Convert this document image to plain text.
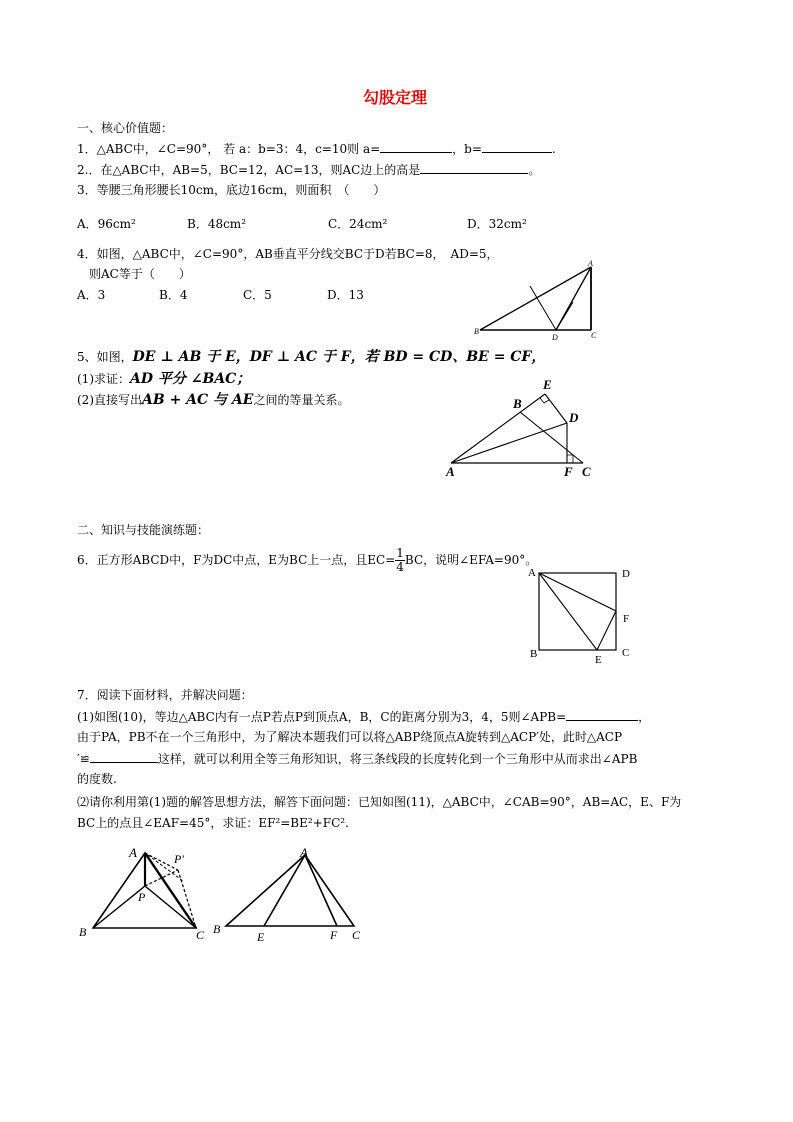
勾股定理
一、核心价值题：
1．△ABC中，∠C=90°， 若 a：b=3：4，c=10则 a=	，b=	.
2.．在△ABC中，AB=5，BC=12，AC=13，则AC边上的高是	。
3．等腰三角形腰长10cm，底边16cm，则面积　（　　）
A．96cm²	B．48cm²	C．24cm²	D．32cm²
4．如图，△ABC中，∠C=90°，AB垂直平分线交BC于D若BC=8，　AD=5，
则AC等于（　　）
A．3	B．4	C．5	D．13
A
B	C
D
5、如图，DE ⊥ AB 于 E，DF ⊥ AC 于 F，若 BD = CD、BE = CF，
(1)求证：AD 平分 ∠BAC；
(2)直接写出AB + AC 与 AE之间的等量关系。
A
B
C
D
E
F
二、知识与技能演练题：
6．正方形ABCD中，F为DC中点，E为BC上一点，且$EC= \frac{1}{4}$ BC，说明∠EFA=90°。
A	D
F
B	E
C
7．阅读下面材料，并解决问题：
(1)如图(10)，等边△ABC内有一点P若点P到顶点A，B，C的距离分别为3，4，5则∠APB=	，
由于PA，PB不在一个三角形中，为了解决本题我们可以将△ABP绕顶点A旋转到△ACP′处，此时△ACP
′≌	这样，就可以利用全等三角形知识，将三条线段的长度转化到一个三角形中从而求出∠APB
的度数.
⑵请你利用第(1)题的解答思想方法，解答下面问题：已知如图(11)，△ABC中，∠CAB=90°，AB=AC，E、F为
BC上的点且∠EAF=45°，求证：EF²=BE²+FC².
A	P′
P
B	C
A
B
E	F C
